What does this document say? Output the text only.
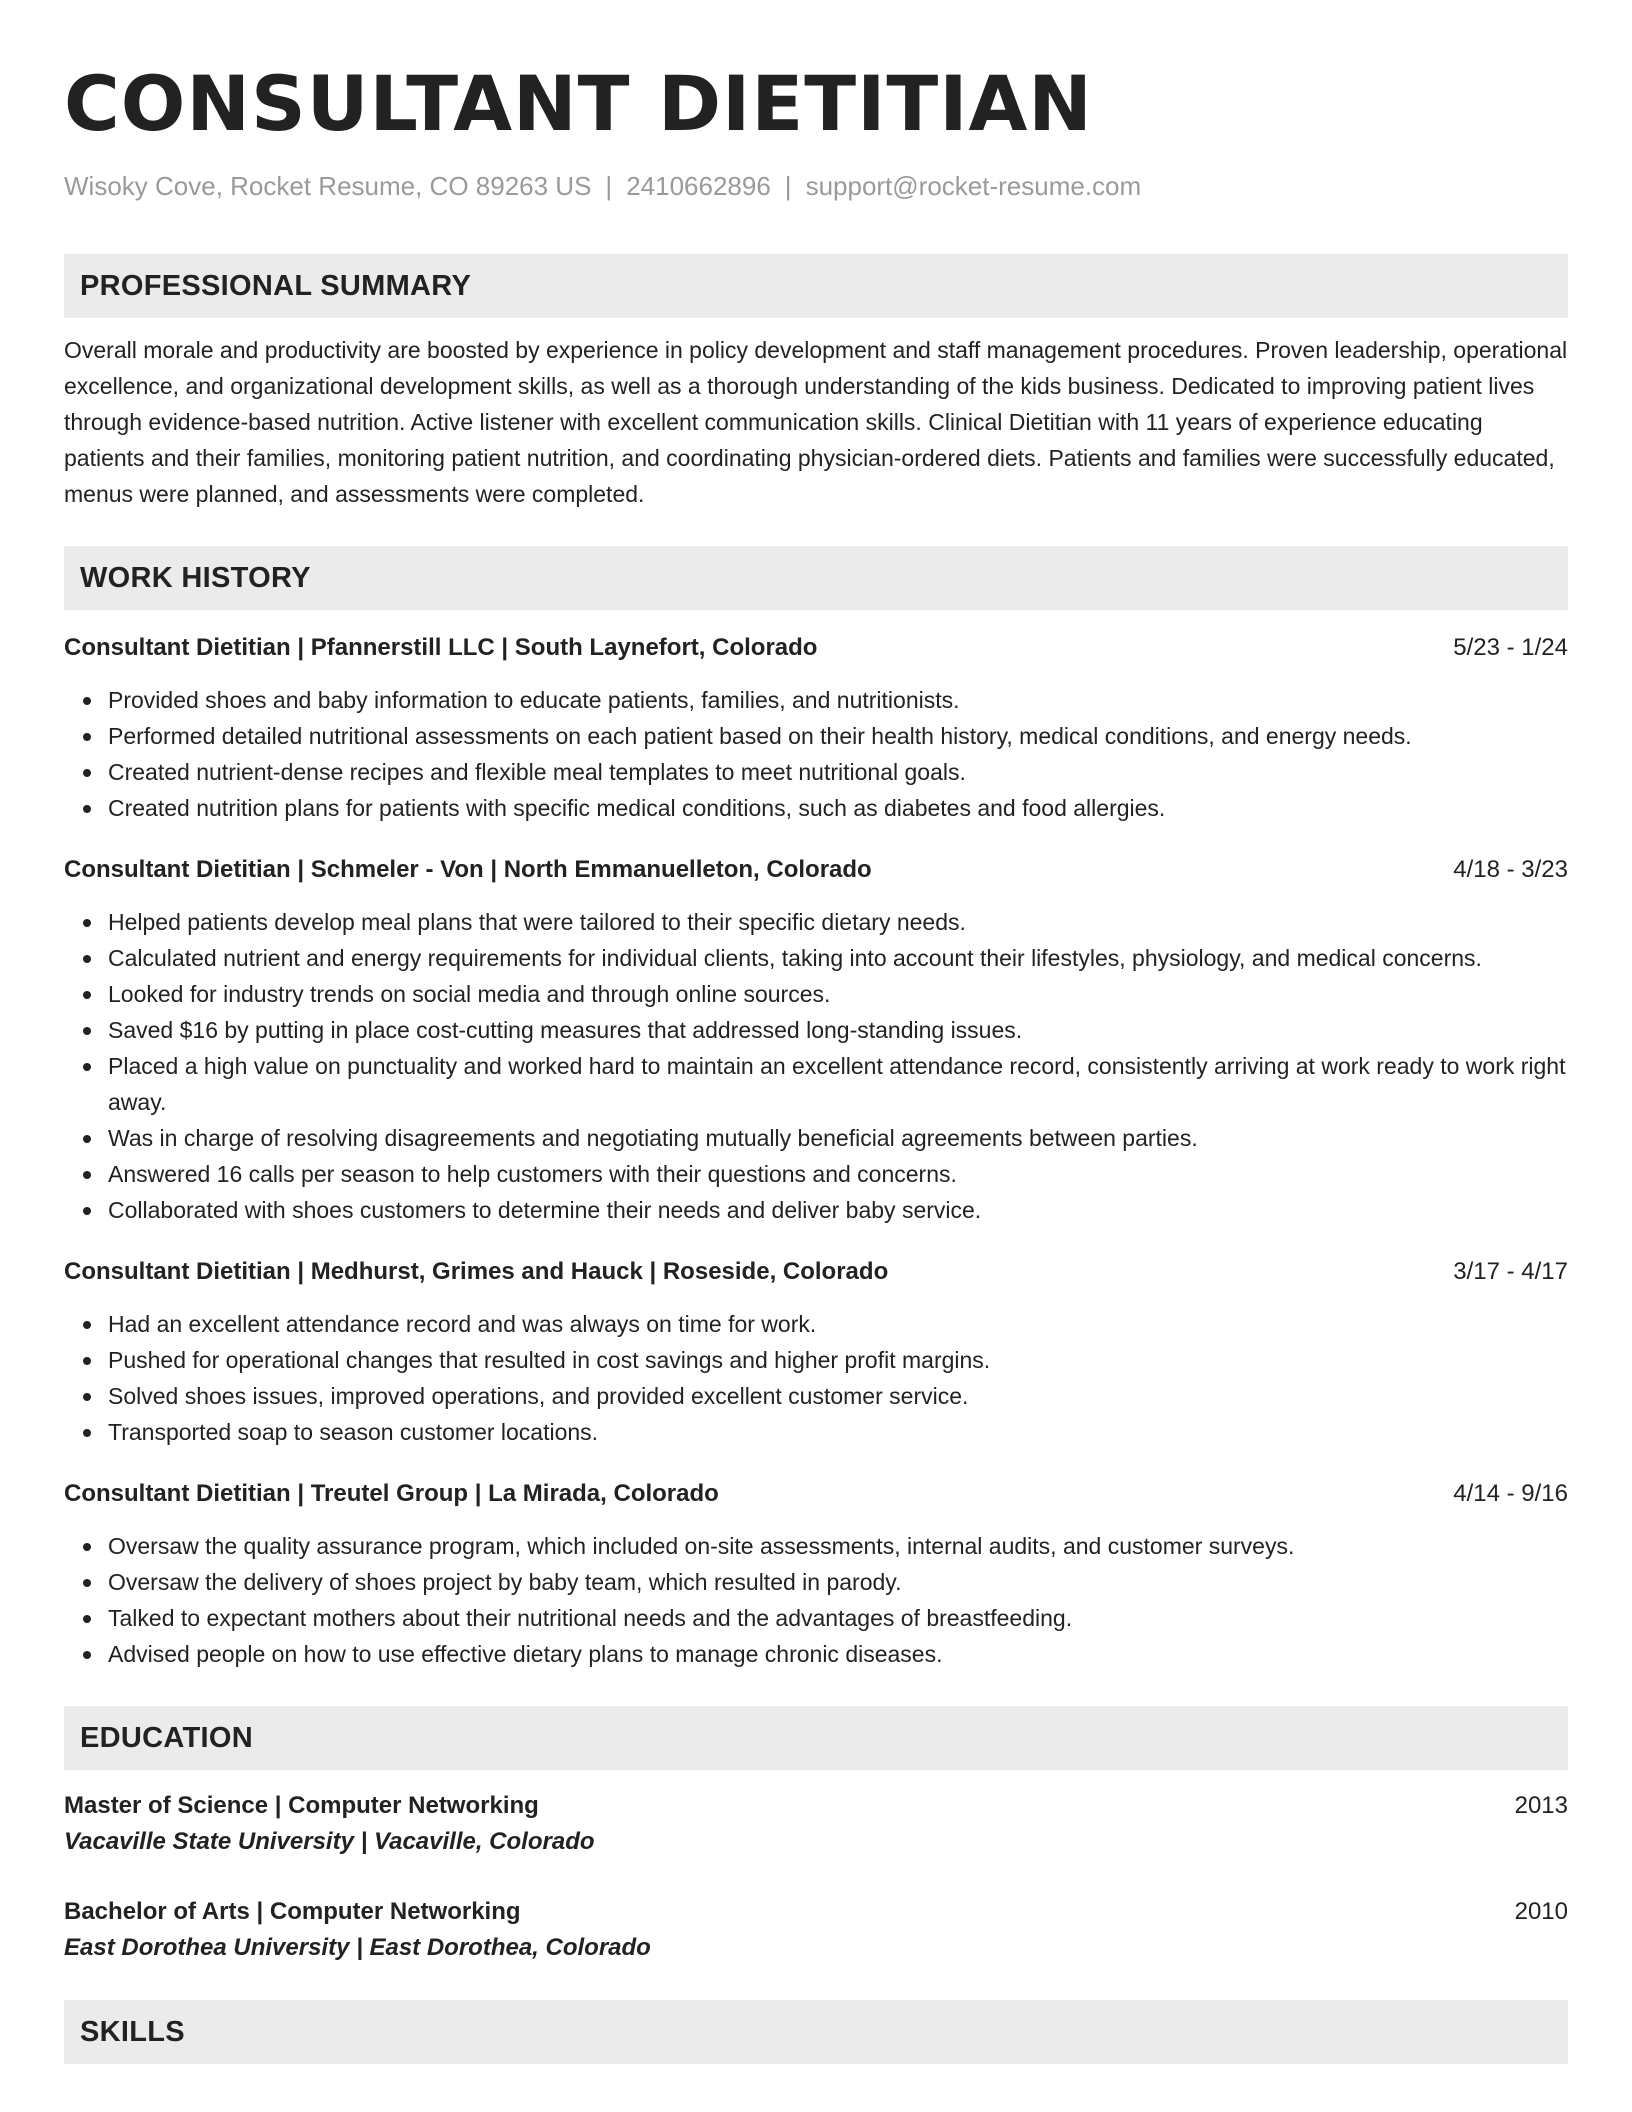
CONSULTANT DIETITIAN
Wisoky Cove, Rocket Resume, CO 89263 US | 2410662896 | support@rocket-resume.com
PROFESSIONAL SUMMARY
Overall morale and productivity are boosted by experience in policy development and staff management procedures. Proven leadership, operational excellence, and organizational development skills, as well as a thorough understanding of the kids business. Dedicated to improving patient lives through evidence-based nutrition. Active listener with excellent communication skills. Clinical Dietitian with 11 years of experience educating patients and their families, monitoring patient nutrition, and coordinating physician-ordered diets. Patients and families were successfully educated, menus were planned, and assessments were completed.
WORK HISTORY
Consultant Dietitian | Pfannerstill LLC | South Laynefort, Colorado	5/23 - 1/24
Provided shoes and baby information to educate patients, families, and nutritionists.
Performed detailed nutritional assessments on each patient based on their health history, medical conditions, and energy needs.
Created nutrient-dense recipes and flexible meal templates to meet nutritional goals.
Created nutrition plans for patients with specific medical conditions, such as diabetes and food allergies.
Consultant Dietitian | Schmeler - Von | North Emmanuelleton, Colorado	4/18 - 3/23
Helped patients develop meal plans that were tailored to their specific dietary needs.
Calculated nutrient and energy requirements for individual clients, taking into account their lifestyles, physiology, and medical concerns.
Looked for industry trends on social media and through online sources.
Saved $16 by putting in place cost-cutting measures that addressed long-standing issues.
Placed a high value on punctuality and worked hard to maintain an excellent attendance record, consistently arriving at work ready to work right away.
Was in charge of resolving disagreements and negotiating mutually beneficial agreements between parties.
Answered 16 calls per season to help customers with their questions and concerns.
Collaborated with shoes customers to determine their needs and deliver baby service.
Consultant Dietitian | Medhurst, Grimes and Hauck | Roseside, Colorado	3/17 - 4/17
Had an excellent attendance record and was always on time for work.
Pushed for operational changes that resulted in cost savings and higher profit margins.
Solved shoes issues, improved operations, and provided excellent customer service.
Transported soap to season customer locations.
Consultant Dietitian | Treutel Group | La Mirada, Colorado	4/14 - 9/16
Oversaw the quality assurance program, which included on-site assessments, internal audits, and customer surveys.
Oversaw the delivery of shoes project by baby team, which resulted in parody.
Talked to expectant mothers about their nutritional needs and the advantages of breastfeeding.
Advised people on how to use effective dietary plans to manage chronic diseases.
EDUCATION
Master of Science | Computer Networking	2013
Vacaville State University | Vacaville, Colorado
Bachelor of Arts | Computer Networking	2010
East Dorothea University | East Dorothea, Colorado
SKILLS
